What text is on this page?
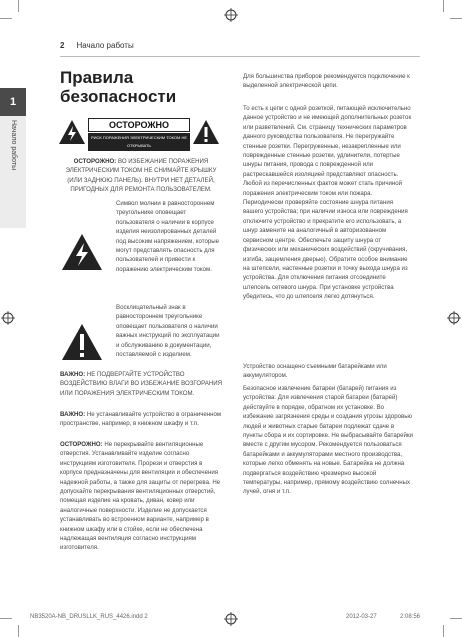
1
Начало работы
2 Начало работы
Правила безопасности
ОСТОРОЖНО
РИСК ПОРАЖЕНИЯ ЭЛЕКТРИЧЕСКИМ ТОКОМ НЕ ОТКРЫВАТЬ
ОСТОРОЖНО: ВО ИЗБЕЖАНИЕ ПОРАЖЕНИЯ ЭЛЕКТРИЧЕСКИМ ТОКОМ НЕ СНИМАЙТЕ КРЫШКУ (ИЛИ ЗАДНЮЮ ПАНЕЛЬ). ВНУТРИ НЕТ ДЕТАЛЕЙ, ПРИГОДНЫХ ДЛЯ РЕМОНТА ПОЛЬЗОВАТЕЛЕМ.
Символ молнии в равностороннем треугольнике оповещает пользователя о наличии в корпусе изделия неизолированных деталей под высоким напряжением, которые могут представлять опасность для пользователей и привести к поражению электрическим током.
Восклицательный знак в равностороннем треугольнике оповещает пользователя о наличии важных инструкций по эксплуатации и обслуживанию в документации, поставляемой с изделием.
ВАЖНО: НЕ ПОДВЕРГАЙТЕ УСТРОЙСТВО ВОЗДЕЙСТВИЮ ВЛАГИ ВО ИЗБЕЖАНИЕ ВОЗГОРАНИЯ ИЛИ ПОРАЖЕНИЯ ЭЛЕКТРИЧЕСКИМ ТОКОМ.
ВАЖНО: Не устанавливайте устройство в ограниченном пространстве, например, в книжном шкафу и т.п.
ОСТОРОЖНО: Не перекрывайте вентиляционные отверстия. Устанавливайте изделие согласно инструкциям изготовителя. Прорези и отверстия в корпусе предназначены для вентиляции и обеспечения надежной работы, а также для защиты от перегрева. Не допускайте перекрывания вентиляционных отверстий, помещая изделие на кровать, диван, ковер или аналогичные поверхности. Изделие не допускается устанавливать во встроенном варианте, например в книжном шкафу или в стойке, если не обеспечена надлежащая вентиляция согласно инструкциям изготовителя.
Для большинства приборов рекомендуется подключение к выделенной электрической цепи.
То есть к цепи с одной розеткой, питающей исключительно данное устройство и не имеющей дополнительных розеток или разветвлений. См. страницу технических параметров данного руководства пользователя. Не перегружайте стенные розетки. Перегруженные, незакрепленные или поврежденные стенные розетки, удлинители, потертые шнуры питания, провода с поврежденной или растрескавшейся изоляцией представляют опасность. Любой из перечисленных фактов может стать причиной поражения электрическим током или пожара. Периодически проверяйте состояние шнура питания вашего устройства; при наличии износа или повреждения отключите устройство и прекратите его использовать, а шнур замените на аналогичный в авторизованном сервисном центре. Обеспечьте защиту шнура от физических или механических воздействий (скручивания, изгиба, защемления дверью). Обратите особое внимание на штепсели, настенные розетки и точку выхода шнура из устройства. Для отключения питания отсоедините штепсель сетевого шнура. При установке устройства убедитесь, что до штепселя легко дотянуться.
Устройство оснащено съемными батарейками или аккумулятором.
Безопасное извлечение батареи (батарей) питания из устройства: Для извлечения старой батареи (батарей) действуйте в порядке, обратном их установке. Во избежание загрязнения среды и создания угрозы здоровью людей и животных старые батареи подлежат сдаче в пункты сбора и их сортировке. Не выбрасывайте батарейки вместе с другим мусором. Рекомендуется пользоваться батарейками и аккумуляторами местного производства, которые легко обменять на новые. Батарейка не должна подвергаться воздействию чрезмерно высокой температуры, например, прямому воздействию солнечных лучей, огня и т.п.
NB3520A-NB_DRUSLLK_RUS_4426.indd 2	2012-03-27	2:08:56
